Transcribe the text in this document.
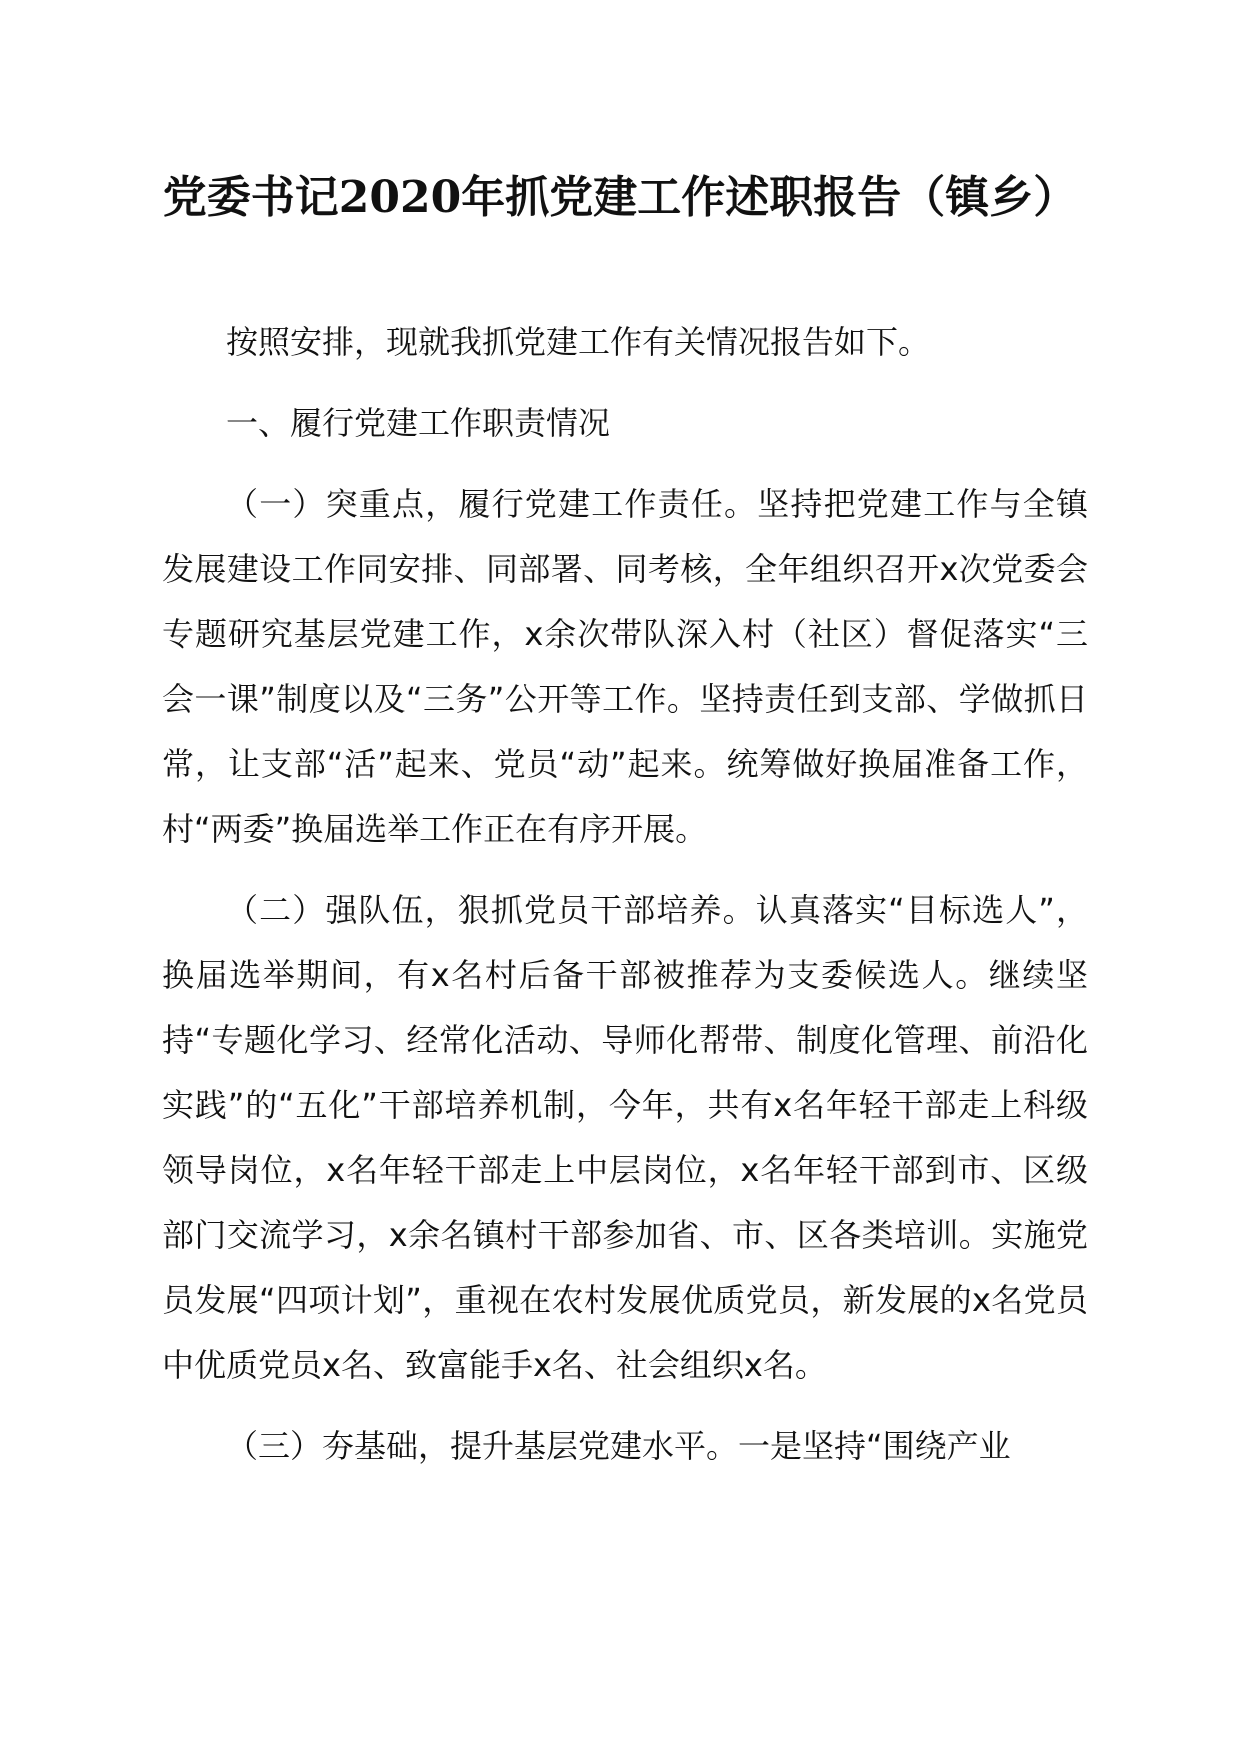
党委书记2020年抓党建工作述职报告（镇乡）

按照安排，现就我抓党建工作有关情况报告如下。

一、履行党建工作职责情况

（一）突重点，履行党建工作责任。坚持把党建工作与全镇发展建设工作同安排、同部署、同考核，全年组织召开x次党委会专题研究基层党建工作，x余次带队深入村（社区）督促落实“三会一课”制度以及“三务”公开等工作。坚持责任到支部、学做抓日常，让支部“活”起来、党员“动”起来。统筹做好换届准备工作，村“两委”换届选举工作正在有序开展。

（二）强队伍，狠抓党员干部培养。认真落实“目标选人”，换届选举期间，有x名村后备干部被推荐为支委候选人。继续坚持“专题化学习、经常化活动、导师化帮带、制度化管理、前沿化实践”的“五化”干部培养机制，今年，共有x名年轻干部走上科级领导岗位，x名年轻干部走上中层岗位，x名年轻干部到市、区级部门交流学习，x余名镇村干部参加省、市、区各类培训。实施党员发展“四项计划”，重视在农村发展优质党员，新发展的x名党员中优质党员x名、致富能手x名、社会组织x名。

（三）夯基础，提升基层党建水平。一是坚持“围绕产业
